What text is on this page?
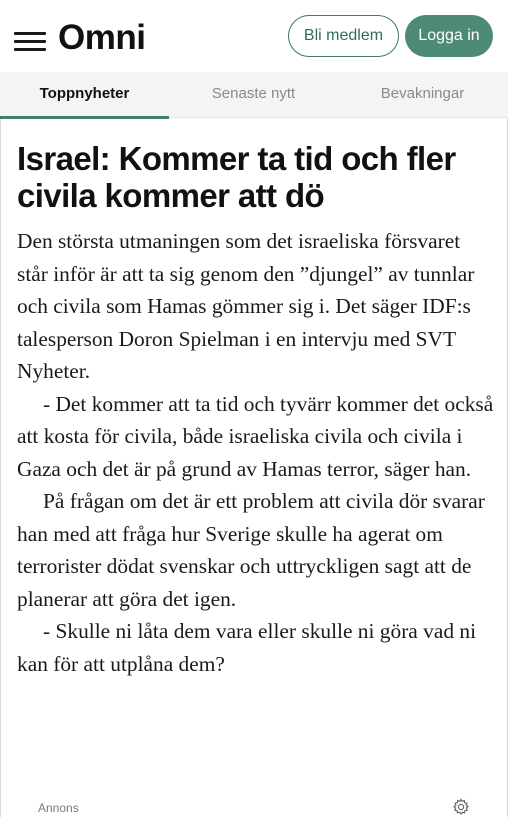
Omni	Bli medlem	Logga in
Toppnyheter	Senaste nytt	Bevakningar
Israel: Kommer ta tid och fler civila kommer att dö

Den största utmaningen som det israeliska försvaret står inför är att ta sig genom den ”djungel” av tunnlar och civila som Hamas gömmer sig i. Det säger IDF:s talesperson Doron Spielman i en intervju med SVT Nyheter.

- Det kommer att ta tid och tyvärr kommer det också att kosta för civila, både israeliska civila och civila i Gaza och det är på grund av Hamas terror, säger han.

På frågan om det är ett problem att civila dör svarar han med att fråga hur Sverige skulle ha agerat om terrorister dödat svenskar och uttryckligen sagt att de planerar att göra det igen.

- Skulle ni låta dem vara eller skulle ni göra vad ni kan för att utplåna dem?

Annons
